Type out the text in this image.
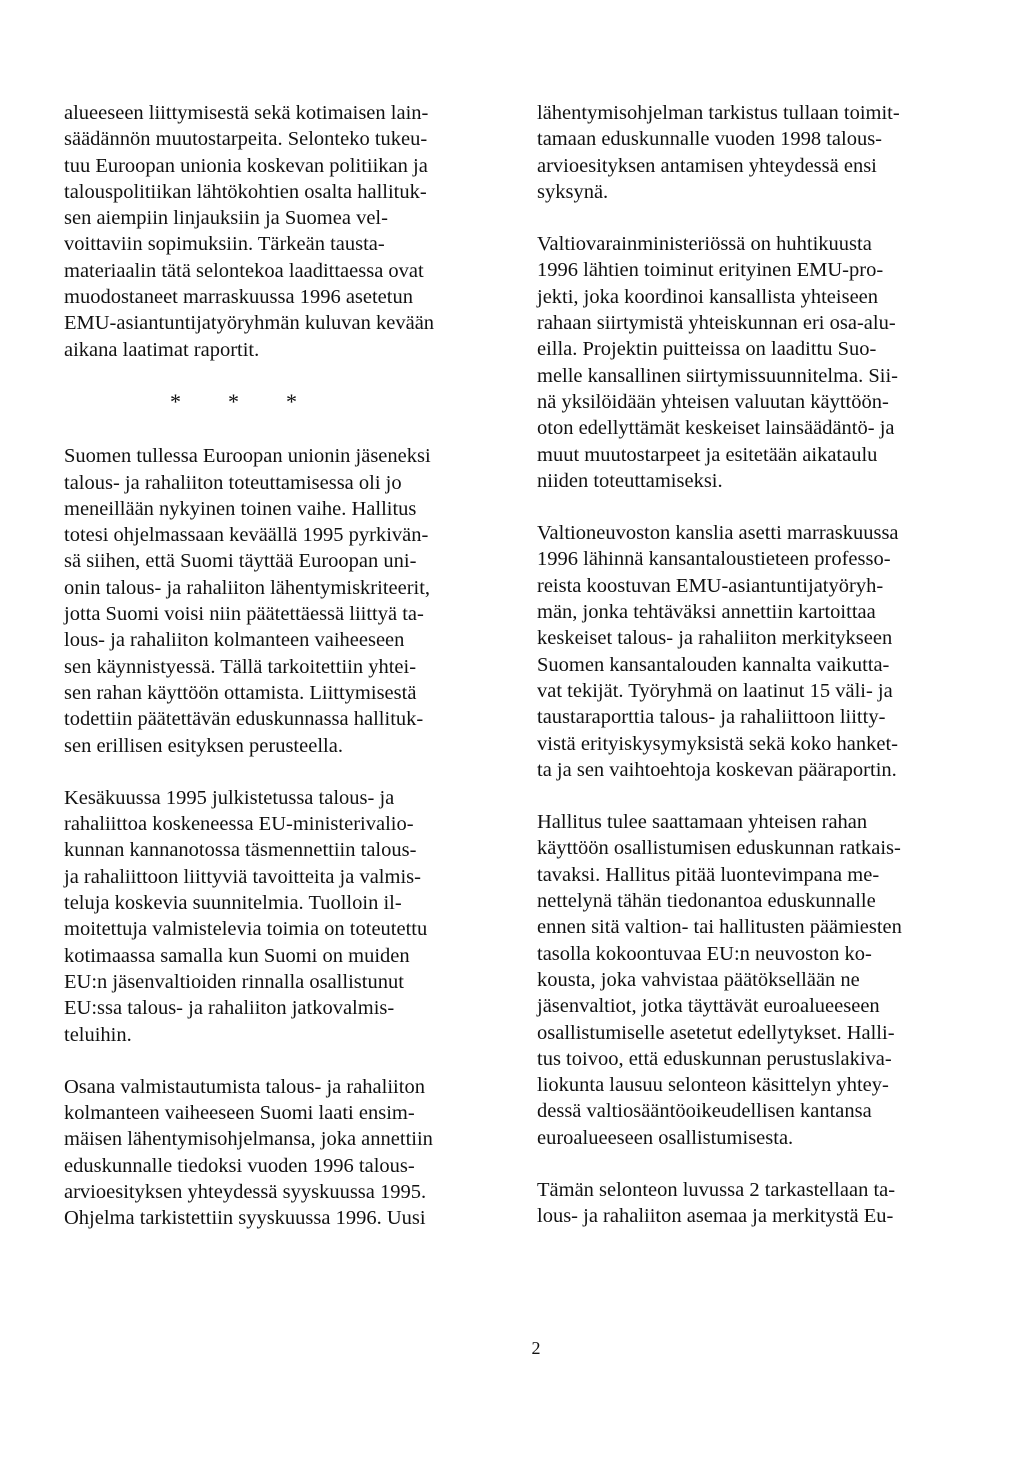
alueeseen liittymisestä sekä kotimaisen lain-
säädännön muutostarpeita. Selonteko tukeu-
tuu Euroopan unionia koskevan politiikan ja
talouspolitiikan lähtökohtien osalta hallituk-
sen aiempiin linjauksiin ja Suomea vel-
voittaviin sopimuksiin. Tärkeän tausta-
materiaalin tätä selontekoa laadittaessa ovat
muodostaneet marraskuussa 1996 asetetun
EMU-asiantuntijatyöryhmän kuluvan kevään
aikana laatimat raportit.
* * *
Suomen tullessa Euroopan unionin jäseneksi
talous- ja rahaliiton toteuttamisessa oli jo
meneillään nykyinen toinen vaihe. Hallitus
totesi ohjelmassaan keväällä 1995 pyrkivän-
sä siihen, että Suomi täyttää Euroopan uni-
onin talous- ja rahaliiton lähentymiskriteerit,
jotta Suomi voisi niin päätettäessä liittyä ta-
lous- ja rahaliiton kolmanteen vaiheeseen
sen käynnistyessä. Tällä tarkoitettiin yhtei-
sen rahan käyttöön ottamista. Liittymisestä
todettiin päätettävän eduskunnassa hallituk-
sen erillisen esityksen perusteella.
Kesäkuussa 1995 julkistetussa talous- ja
rahaliittoa koskeneessa EU-ministerivalio-
kunnan kannanotossa täsmennettiin talous-
ja rahaliittoon liittyviä tavoitteita ja valmis-
teluja koskevia suunnitelmia. Tuolloin il-
moitettuja valmistelevia toimia on toteutettu
kotimaassa samalla kun Suomi on muiden
EU:n jäsenvaltioiden rinnalla osallistunut
EU:ssa talous- ja rahaliiton jatkovalmis-
teluihin.
Osana valmistautumista talous- ja rahaliiton
kolmanteen vaiheeseen Suomi laati ensim-
mäisen lähentymisohjelmansa, joka annettiin
eduskunnalle tiedoksi vuoden 1996 talous-
arvioesityksen yhteydessä syyskuussa 1995.
Ohjelma tarkistettiin syyskuussa 1996. Uusi
lähentymisohjelman tarkistus tullaan toimit-
tamaan eduskunnalle vuoden 1998 talous-
arvioesityksen antamisen yhteydessä ensi
syksynä.
Valtiovarainministeriössä on huhtikuusta
1996 lähtien toiminut erityinen EMU-pro-
jekti, joka koordinoi kansallista yhteiseen
rahaan siirtymistä yhteiskunnan eri osa-alu-
eilla. Projektin puitteissa on laadittu Suo-
melle kansallinen siirtymissuunnitelma. Sii-
nä yksilöidään yhteisen valuutan käyttöön-
oton edellyttämät keskeiset lainsäädäntö- ja
muut muutostarpeet ja esitetään aikataulu
niiden toteuttamiseksi.
Valtioneuvoston kanslia asetti marraskuussa
1996 lähinnä kansantaloustieteen professo-
reista koostuvan EMU-asiantuntijatyöryh-
män, jonka tehtäväksi annettiin kartoittaa
keskeiset talous- ja rahaliiton merkitykseen
Suomen kansantalouden kannalta vaikutta-
vat tekijät. Työryhmä on laatinut 15 väli- ja
taustaraporttia talous- ja rahaliittoon liitty-
vistä erityiskysymyksistä sekä koko hanket-
ta ja sen vaihtoehtoja koskevan pääraportin.
Hallitus tulee saattamaan yhteisen rahan
käyttöön osallistumisen eduskunnan ratkais-
tavaksi. Hallitus pitää luontevimpana me-
nettelynä tähän tiedonantoa eduskunnalle
ennen sitä valtion- tai hallitusten päämiesten
tasolla kokoontuvaa EU:n neuvoston ko-
kousta, joka vahvistaa päätöksellään ne
jäsenvaltiot, jotka täyttävät euroalueeseen
osallistumiselle asetetut edellytykset. Halli-
tus toivoo, että eduskunnan perustuslakiva-
liokunta lausuu selonteon käsittelyn yhtey-
dessä valtiosääntöoikeudellisen kantansa
euroalueeseen osallistumisesta.
Tämän selonteon luvussa 2 tarkastellaan ta-
lous- ja rahaliiton asemaa ja merkitystä Eu-
2
